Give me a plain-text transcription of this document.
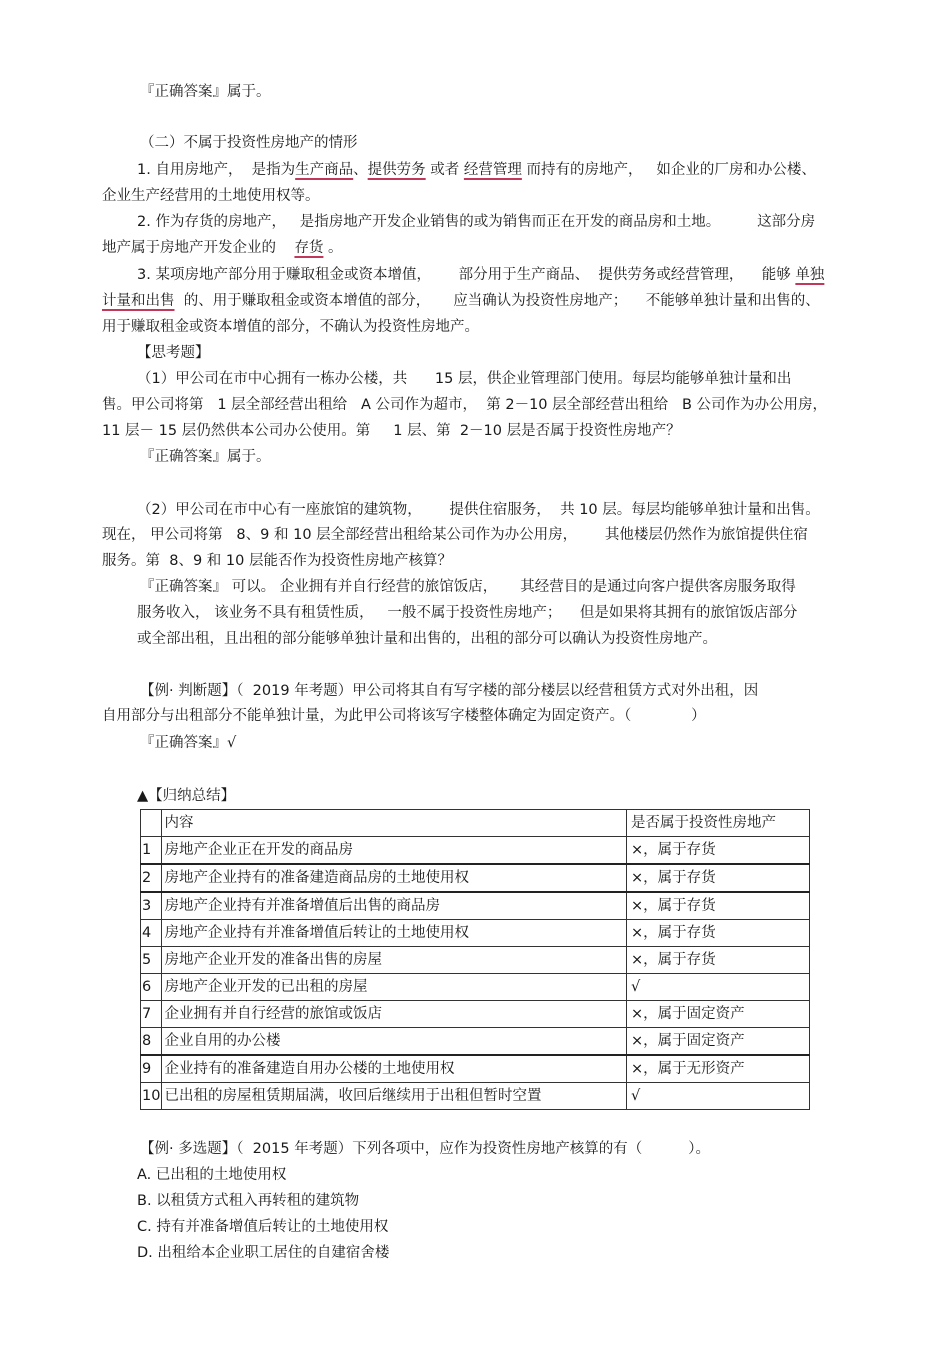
『正确答案』属于。
（二）不属于投资性房地产的情形
1. 自用房地产，  是指为生产商品、提供劳务 或者 经营管理 而持有的房地产，   如企业的厂房和办公楼、
企业生产经营用的土地使用权等。
2. 作为存货的房地产，   是指房地产开发企业销售的或为销售而正在开发的商品房和土地。        这部分房
地产属于房地产开发企业的 存货 。
3. 某项房地产部分用于赚取租金或资本增值，      部分用于生产商品、  提供劳务或经营管理，    能够 单独
计量和出售 的、用于赚取租金或资本增值的部分，     应当确认为投资性房地产；    不能够单独计量和出售的、
用于赚取租金或资本增值的部分，不确认为投资性房地产。
【思考题】
（1）甲公司在市中心拥有一栋办公楼，共      15 层，供企业管理部门使用。每层均能够单独计量和出
售。甲公司将第   1 层全部经营出租给   A 公司作为超市，  第 2－10 层全部经营出租给   B 公司作为办公用房，
11 层－ 15 层仍然供本公司办公使用。第     1 层、第  2－10 层是否属于投资性房地产？
『正确答案』属于。
（2）甲公司在市中心有一座旅馆的建筑物，      提供住宿服务，  共 10 层。每层均能够单独计量和出售。
现在， 甲公司将第   8、9 和 10 层全部经营出租给某公司作为办公用房，      其他楼层仍然作为旅馆提供住宿
服务。第  8、9 和 10 层能否作为投资性房地产核算？
『正确答案』 可以。 企业拥有并自行经营的旅馆饭店，     其经营目的是通过向客户提供客房服务取得
服务收入， 该业务不具有租赁性质，   一般不属于投资性房地产；    但是如果将其拥有的旅馆饭店部分
或全部出租，且出租的部分能够单独计量和出售的，出租的部分可以确认为投资性房地产。
【例· 判断题】（  2019 年考题）甲公司将其自有写字楼的部分楼层以经营租赁方式对外出租，因
自用部分与出租部分不能单独计量，为此甲公司将该写字楼整体确定为固定资产。（             ）
『正确答案』√
▲【归纳总结】
	内容	是否属于投资性房地产
1	房地产企业正在开发的商品房	×，属于存货
2	房地产企业持有的准备建造商品房的土地使用权	×，属于存货
3	房地产企业持有并准备增值后出售的商品房	×，属于存货
4	房地产企业持有并准备增值后转让的土地使用权	×，属于存货
5	房地产企业开发的准备出售的房屋	×，属于存货
6	房地产企业开发的已出租的房屋	√
7	企业拥有并自行经营的旅馆或饭店	×，属于固定资产
8	企业自用的办公楼	×，属于固定资产
9	企业持有的准备建造自用办公楼的土地使用权	×，属于无形资产
10	已出租的房屋租赁期届满，收回后继续用于出租但暂时空置	√
【例· 多选题】（  2015 年考题）下列各项中，应作为投资性房地产核算的有（          ）。
A. 已出租的土地使用权
B. 以租赁方式租入再转租的建筑物
C. 持有并准备增值后转让的土地使用权
D. 出租给本企业职工居住的自建宿舍楼
